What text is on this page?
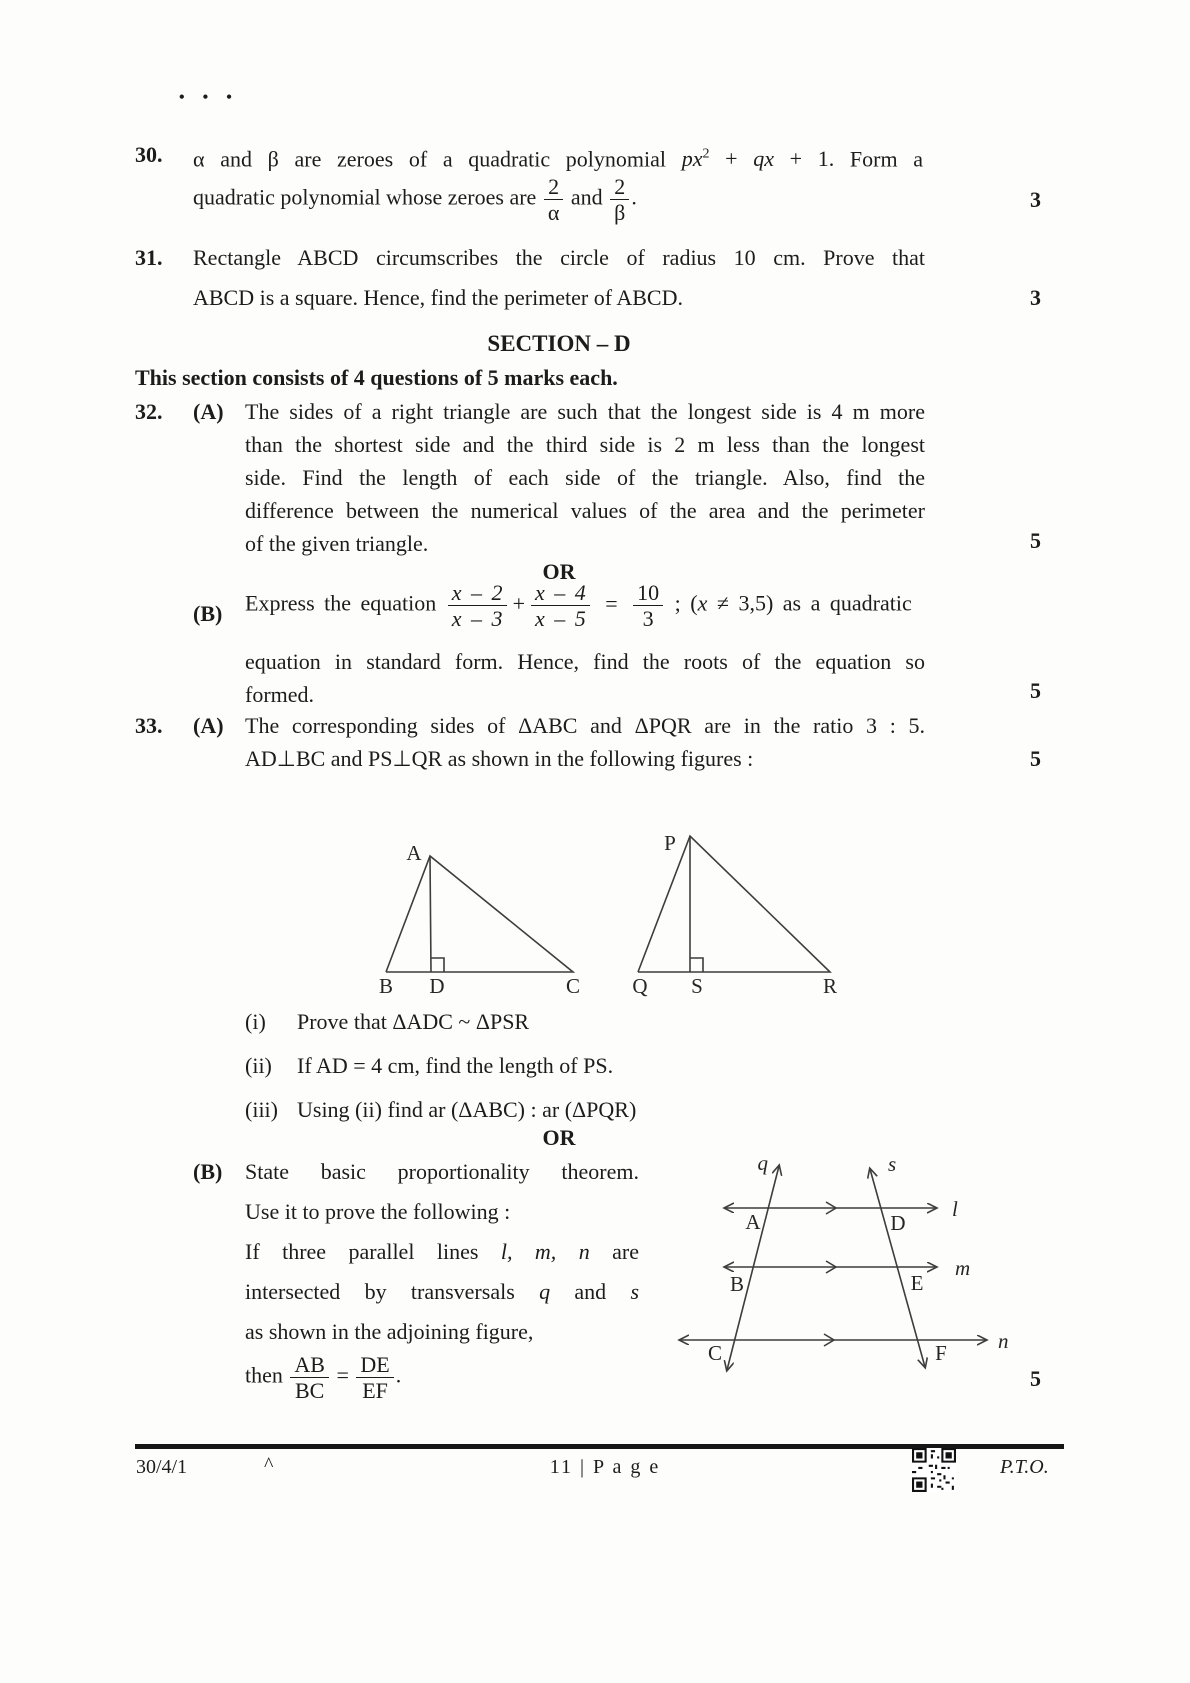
• • •
30. α and β are zeroes of a quadratic polynomial $px^2$ + qx + 1. Form a
quadratic polynomial whose zeroes are $\frac{2}{\alpha}$ and $\frac{2}{\beta}$ .	3
31. Rectangle ABCD circumscribes the circle of radius 10 cm. Prove that
ABCD is a square. Hence, find the perimeter of ABCD.	3
SECTION – D
This section consists of 4 questions of 5 marks each.
32. (A) The sides of a right triangle are such that the longest side is 4 m more
than the shortest side and the third side is 2 m less than the longest
side. Find the length of each side of the triangle. Also, find the
difference between the numerical values of the area and the perimeter
of the given triangle.	5
OR
(B) Express the equation $\frac{x - 2}{x - 3} + \frac{x - 4}{x - 5} = \frac{10}{3}$ ; (x ≠ 3,5) as a quadratic
equation in standard form. Hence, find the roots of the equation so
formed.	5
33. (A) The corresponding sides of ΔABC and ΔPQR are in the ratio 3 : 5.
AD⊥BC and PS⊥QR as shown in the following figures :	5
A
B D	C
P
Q S	R
(i) Prove that ΔADC ~ ΔPSR
(ii) If AD = 4 cm, find the length of PS.
(iii) Using (ii) find ar (ΔABC) : ar (ΔPQR)
OR
(B) State basic proportionality theorem.
Use it to prove the following :
If three parallel lines l, m, n are
intersected by transversals q and s
as shown in the adjoining figure,
then $\frac{AB}{BC} = \frac{DE}{EF}$ .	5
q	s
l
m
n
A	D
B	E
C	F
30/4/1	^	11 | P a g e	P.T.O.
